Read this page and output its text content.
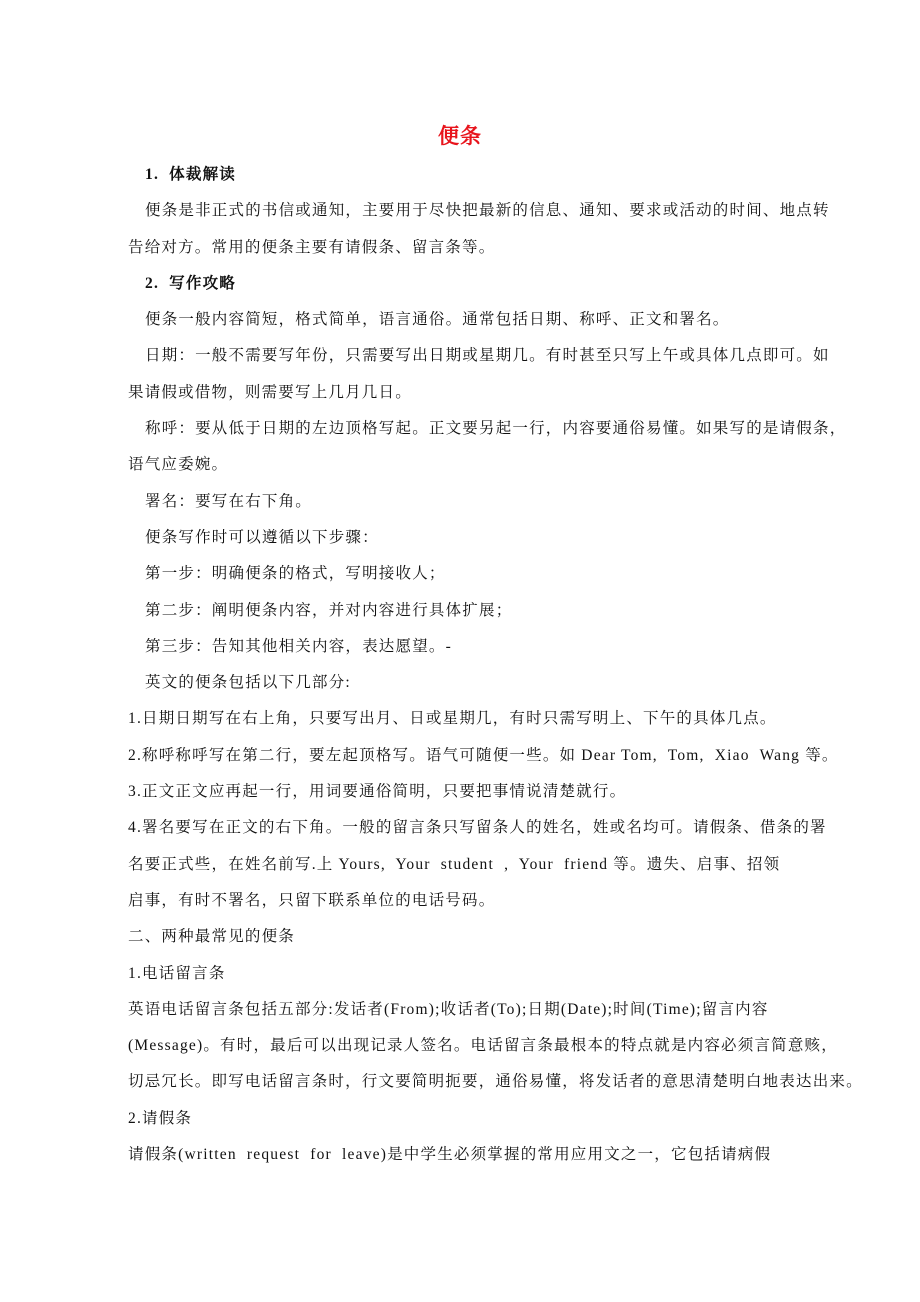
便条
1.  体裁解读
便条是非正式的书信或通知，主要用于尽快把最新的信息、通知、要求或活动的时间、地点转
告给对方。常用的便条主要有请假条、留言条等。
2.  写作攻略
便条一般内容简短，格式简单，语言通俗。通常包括日期、称呼、正文和署名。
日期：一般不需要写年份，只需要写出日期或星期几。有时甚至只写上午或具体几点即可。如
果请假或借物，则需要写上几月几日。
称呼：要从低于日期的左边顶格写起。正文要另起一行，内容要通俗易懂。如果写的是请假条，
语气应委婉。
署名：要写在右下角。
便条写作时可以遵循以下步骤：
第一步：明确便条的格式，写明接收人；
第二步：阐明便条内容，并对内容进行具体扩展；
第三步：告知其他相关内容，表达愿望。-
英文的便条包括以下几部分:
1.日期日期写在右上角，只要写出月、日或星期几，有时只需写明上、下午的具体几点。
2.称呼称呼写在第二行，要左起顶格写。语气可随便一些。如 Dear Tom,  Tom,  Xiao  Wang 等。
3.正文正文应再起一行，用词要通俗简明，只要把事情说清楚就行。
4.署名要写在正文的右下角。一般的留言条只写留条人的姓名，姓或名均可。请假条、借条的署
名要正式些，在姓名前写.上 Yours,  Your  student  ,  Your  friend 等。遗失、启事、招领
启事，有时不署名，只留下联系单位的电话号码。
二、两种最常见的便条
1.电话留言条
英语电话留言条包括五部分:发话者(From);收话者(To);日期(Date);时间(Time);留言内容
(Message)。有时，最后可以出现记录人签名。电话留言条最根本的特点就是内容必须言简意赅，
切忌冗长。即写电话留言条时，行文要简明扼要，通俗易懂，将发话者的意思清楚明白地表达出来。
2.请假条
请假条(written  request  for  leave)是中学生必须掌握的常用应用文之一，它包括请病假
